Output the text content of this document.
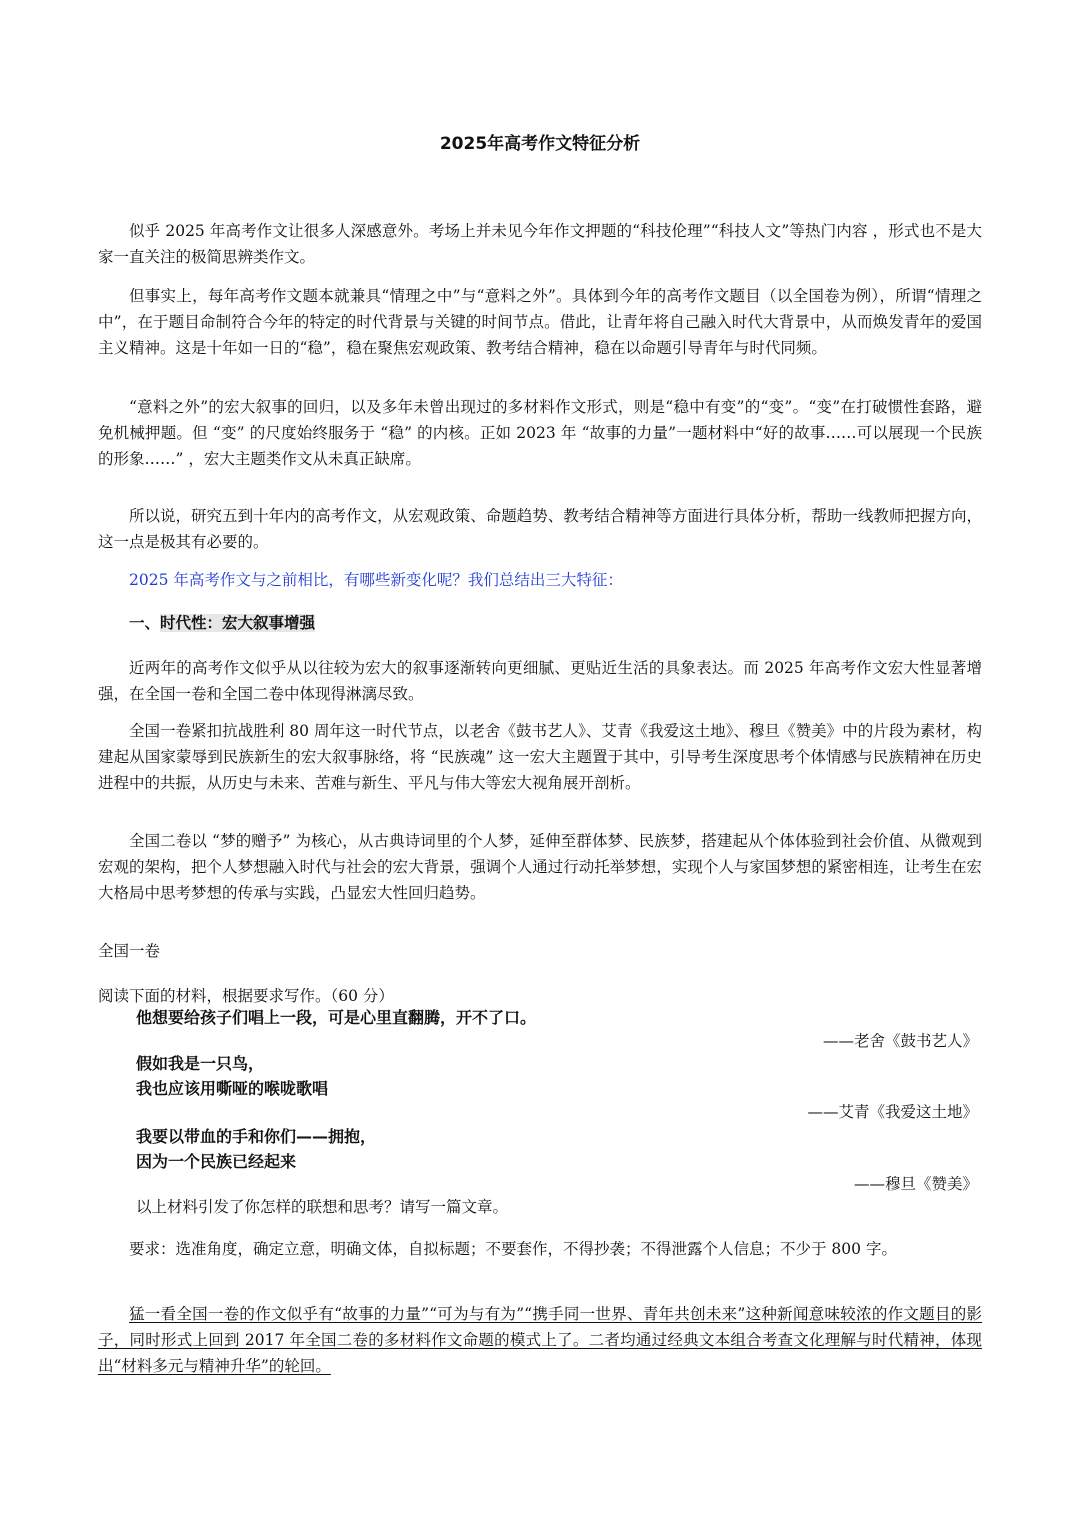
2025年高考作文特征分析

似乎 2025 年高考作文让很多人深感意外。考场上并未见今年作文押题的“科技伦理”“科技人文”等热门内容 ，形式也不是大家一直关注的极简思辨类作文。

但事实上，每年高考作文题本就兼具“情理之中”与“意料之外”。具体到今年的高考作文题目（以全国卷为例），所谓“情理之中”，在于题目命制符合今年的特定的时代背景与关键的时间节点。借此，让青年将自己融入时代大背景中，从而焕发青年的爱国主义精神。这是十年如一日的“稳”，稳在聚焦宏观政策、教考结合精神，稳在以命题引导青年与时代同频。

“意料之外”的宏大叙事的回归，以及多年未曾出现过的多材料作文形式，则是“稳中有变”的“变”。“变”在打破惯性套路，避免机械押题。但 “变” 的尺度始终服务于 “稳” 的内核。正如 2023 年 “故事的力量”一题材料中“好的故事……可以展现一个民族的形象……” ，宏大主题类作文从未真正缺席。

所以说，研究五到十年内的高考作文，从宏观政策、命题趋势、教考结合精神等方面进行具体分析，帮助一线教师把握方向，这一点是极其有必要的。

2025 年高考作文与之前相比，有哪些新变化呢？我们总结出三大特征：

一、时代性：宏大叙事增强

近两年的高考作文似乎从以往较为宏大的叙事逐渐转向更细腻、更贴近生活的具象表达。而 2025 年高考作文宏大性显著增强，在全国一卷和全国二卷中体现得淋漓尽致。

全国一卷紧扣抗战胜利 80 周年这一时代节点，以老舍《鼓书艺人》、艾青《我爱这土地》、穆旦《赞美》中的片段为素材，构建起从国家蒙辱到民族新生的宏大叙事脉络，将 “民族魂” 这一宏大主题置于其中，引导考生深度思考个体情感与民族精神在历史进程中的共振，从历史与未来、苦难与新生、平凡与伟大等宏大视角展开剖析。

全国二卷以 “梦的赠予” 为核心，从古典诗词里的个人梦，延伸至群体梦、民族梦，搭建起从个体体验到社会价值、从微观到宏观的架构，把个人梦想融入时代与社会的宏大背景，强调个人通过行动托举梦想，实现个人与家国梦想的紧密相连，让考生在宏大格局中思考梦想的传承与实践，凸显宏大性回归趋势。

全国一卷

阅读下面的材料，根据要求写作。（60 分）

他想要给孩子们唱上一段，可是心里直翻腾，开不了口。

——老舍《鼓书艺人》

假如我是一只鸟，

我也应该用嘶哑的喉咙歌唱

——艾青《我爱这土地》

我要以带血的手和你们——拥抱，

因为一个民族已经起来

——穆旦《赞美》

以上材料引发了你怎样的联想和思考？请写一篇文章。

要求：选准角度，确定立意，明确文体，自拟标题；不要套作，不得抄袭；不得泄露个人信息；不少于 800 字。

猛一看全国一卷的作文似乎有“故事的力量”“可为与有为”“携手同一世界、青年共创未来”这种新闻意味较浓的作文题目的影子，同时形式上回到 2017 年全国二卷的多材料作文命题的模式上了。二者均通过经典文本组合考查文化理解与时代精神，体现出“材料多元与精神升华”的轮回。
